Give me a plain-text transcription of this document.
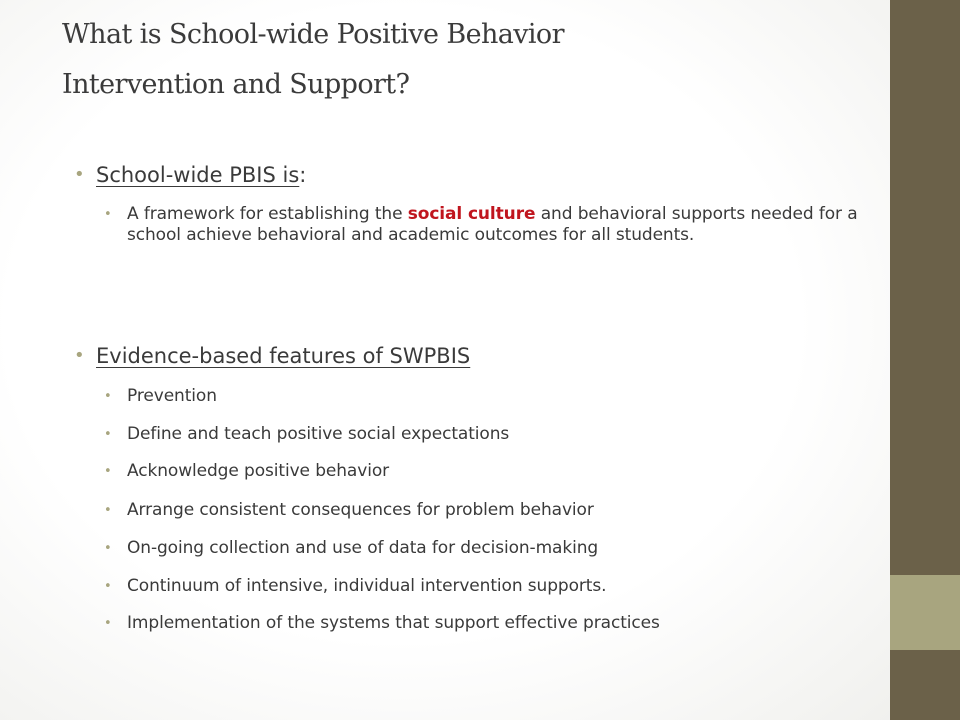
What is School-wide Positive Behavior
Intervention and Support?
• School-wide PBIS is:
• A framework for establishing the social culture and behavioral supports needed for a school achieve behavioral and academic outcomes for all students.
• Evidence-based features of SWPBIS
• Prevention
• Define and teach positive social expectations
• Acknowledge positive behavior
• Arrange consistent consequences for problem behavior
• On-going collection and use of data for decision-making
• Continuum of intensive, individual intervention supports.
• Implementation of the systems that support effective practices
